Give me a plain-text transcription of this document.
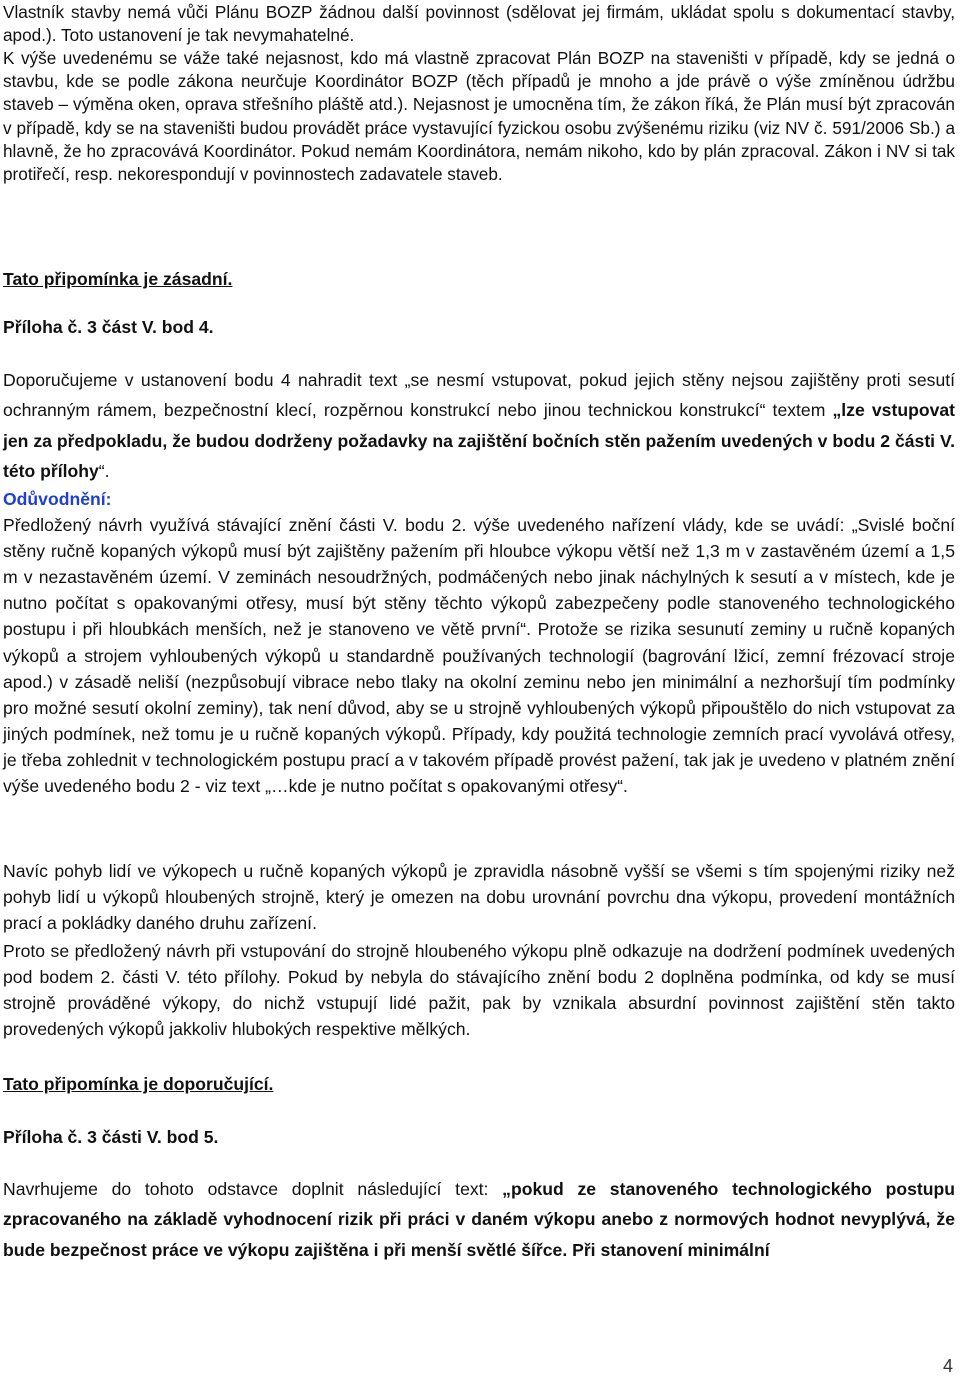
Vlastník stavby nemá vůči Plánu BOZP žádnou další povinnost (sdělovat jej firmám, ukládat spolu s dokumentací stavby, apod.). Toto ustanovení je tak nevymahatelné.

K výše uvedenému se váže také nejasnost, kdo má vlastně zpracovat Plán BOZP na staveništi v případě, kdy se jedná o stavbu, kde se podle zákona neurčuje Koordinátor BOZP (těch případů je mnoho a jde právě o výše zmíněnou údržbu staveb – výměna oken, oprava střešního pláště atd.). Nejasnost je umocněna tím, že zákon říká, že Plán musí být zpracován v případě, kdy se na staveništi budou provádět práce vystavující fyzickou osobu zvýšenému riziku (viz NV č. 591/2006 Sb.) a hlavně, že ho zpracovává Koordinátor. Pokud nemám Koordinátora, nemám nikoho, kdo by plán zpracoval. Zákon i NV si tak protiřečí, resp. nekorespondují v povinnostech zadavatele staveb.

Tato připomínka je zásadní.
Příloha č. 3 část V. bod 4.

Doporučujeme v ustanovení bodu 4 nahradit text „se nesmí vstupovat, pokud jejich stěny nejsou zajištěny proti sesutí ochranným rámem, bezpečnostní klecí, rozpěrnou konstrukcí nebo jinou technickou konstrukcí“ textem „lze vstupovat jen za předpokladu, že budou dodrženy požadavky na zajištění bočních stěn pažením uvedených v bodu 2 části V. této přílohy“.

Odůvodnění:
Předložený návrh využívá stávající znění části V. bodu 2. výše uvedeného nařízení vlády, kde se uvádí: „Svislé boční stěny ručně kopaných výkopů musí být zajištěny pažením při hloubce výkopu větší než 1,3 m v zastavěném území a 1,5 m v nezastavěném území. V zeminách nesoudržných, podmáčených nebo jinak náchylných k sesutí a v místech, kde je nutno počítat s opakovanými otřesy, musí být stěny těchto výkopů zabezpečeny podle stanoveného technologického postupu i při hloubkách menších, než je stanoveno ve větě první“. Protože se rizika sesunutí zeminy u ručně kopaných výkopů a strojem vyhloubených výkopů u standardně používaných technologií (bagrování lžicí, zemní frézovací stroje apod.) v zásadě neliší (nezpůsobují vibrace nebo tlaky na okolní zeminu nebo jen minimální a nezhoršují tím podmínky pro možné sesutí okolní zeminy), tak není důvod, aby se u strojně vyhloubených výkopů připouštělo do nich vstupovat za jiných podmínek, než tomu je u ručně kopaných výkopů. Případy, kdy použitá technologie zemních prací vyvolává otřesy, je třeba zohlednit v technologickém postupu prací a v takovém případě provést pažení, tak jak je uvedeno v platném znění výše uvedeného bodu 2 - viz text „…kde je nutno počítat s opakovanými otřesy“.

Navíc pohyb lidí ve výkopech u ručně kopaných výkopů je zpravidla násobně vyšší se všemi s tím spojenými riziky než pohyb lidí u výkopů hloubených strojně, který je omezen na dobu urovnání povrchu dna výkopu, provedení montážních prací a pokládky daného druhu zařízení.

Proto se předložený návrh při vstupování do strojně hloubeného výkopu plně odkazuje na dodržení podmínek uvedených pod bodem 2. části V. této přílohy. Pokud by nebyla do stávajícího znění bodu 2 doplněna podmínka, od kdy se musí strojně prováděné výkopy, do nichž vstupují lidé pažit, pak by vznikala absurdní povinnost zajištění stěn takto provedených výkopů jakkoliv hlubokých respektive mělkých.

Tato připomínka je doporučující.
Příloha č. 3 části V. bod 5.

Navrhujeme do tohoto odstavce doplnit následující text: „pokud ze stanoveného technologického postupu zpracovaného na základě vyhodnocení rizik při práci v daném výkopu anebo z normových hodnot nevyplývá, že bude bezpečnost práce ve výkopu zajištěna i při menší světlé šířce. Při stanovení minimální

4
